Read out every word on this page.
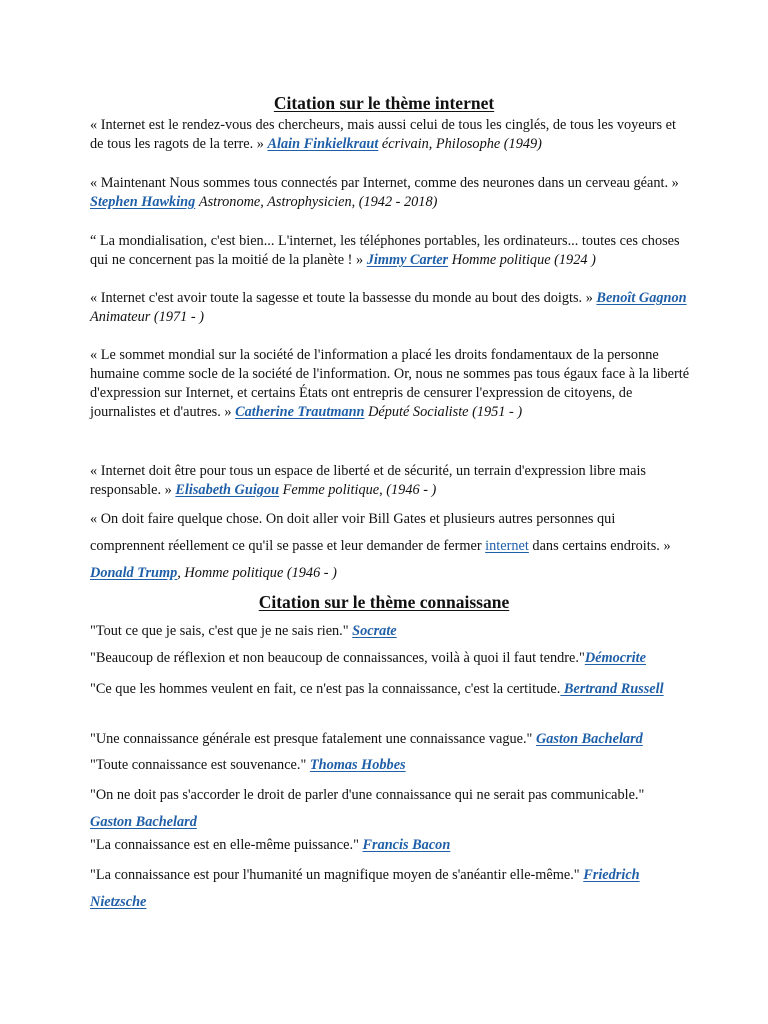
Citation sur le thème internet

« Internet est le rendez-vous des chercheurs, mais aussi celui de tous les cinglés, de tous les voyeurs et de tous les ragots de la terre. » Alain Finkielkraut écrivain, Philosophe (1949)

« Maintenant Nous sommes tous connectés par Internet, comme des neurones dans un cerveau géant. » Stephen Hawking Astronome, Astrophysicien, (1942 - 2018)

“ La mondialisation, c'est bien... L'internet, les téléphones portables, les ordinateurs... toutes ces choses qui ne concernent pas la moitié de la planète ! » Jimmy Carter Homme politique (1924 )

« Internet c'est avoir toute la sagesse et toute la bassesse du monde au bout des doigts. » Benoît Gagnon Animateur (1971 - )

« Le sommet mondial sur la société de l'information a placé les droits fondamentaux de la personne humaine comme socle de la société de l'information. Or, nous ne sommes pas tous égaux face à la liberté d'expression sur Internet, et certains États ont entrepris de censurer l'expression de citoyens, de journalistes et d'autres. » Catherine Trautmann Député Socialiste (1951 - )

« Internet doit être pour tous un espace de liberté et de sécurité, un terrain d'expression libre mais responsable. » Elisabeth Guigou Femme politique, (1946 - )

« On doit faire quelque chose. On doit aller voir Bill Gates et plusieurs autres personnes qui comprennent réellement ce qu'il se passe et leur demander de fermer internet dans certains endroits. » Donald Trump, Homme politique (1946 - )

Citation sur le thème connaissane

"Tout ce que je sais, c'est que je ne sais rien." Socrate

"Beaucoup de réflexion et non beaucoup de connaissances, voilà à quoi il faut tendre."Démocrite

"Ce que les hommes veulent en fait, ce n'est pas la connaissance, c'est la certitude. Bertrand Russell

"Une connaissance générale est presque fatalement une connaissance vague." Gaston Bachelard

"Toute connaissance est souvenance." Thomas Hobbes

"On ne doit pas s'accorder le droit de parler d'une connaissance qui ne serait pas communicable." Gaston Bachelard

"La connaissance est en elle-même puissance." Francis Bacon

"La connaissance est pour l'humanité un magnifique moyen de s'anéantir elle-même." Friedrich Nietzsche
